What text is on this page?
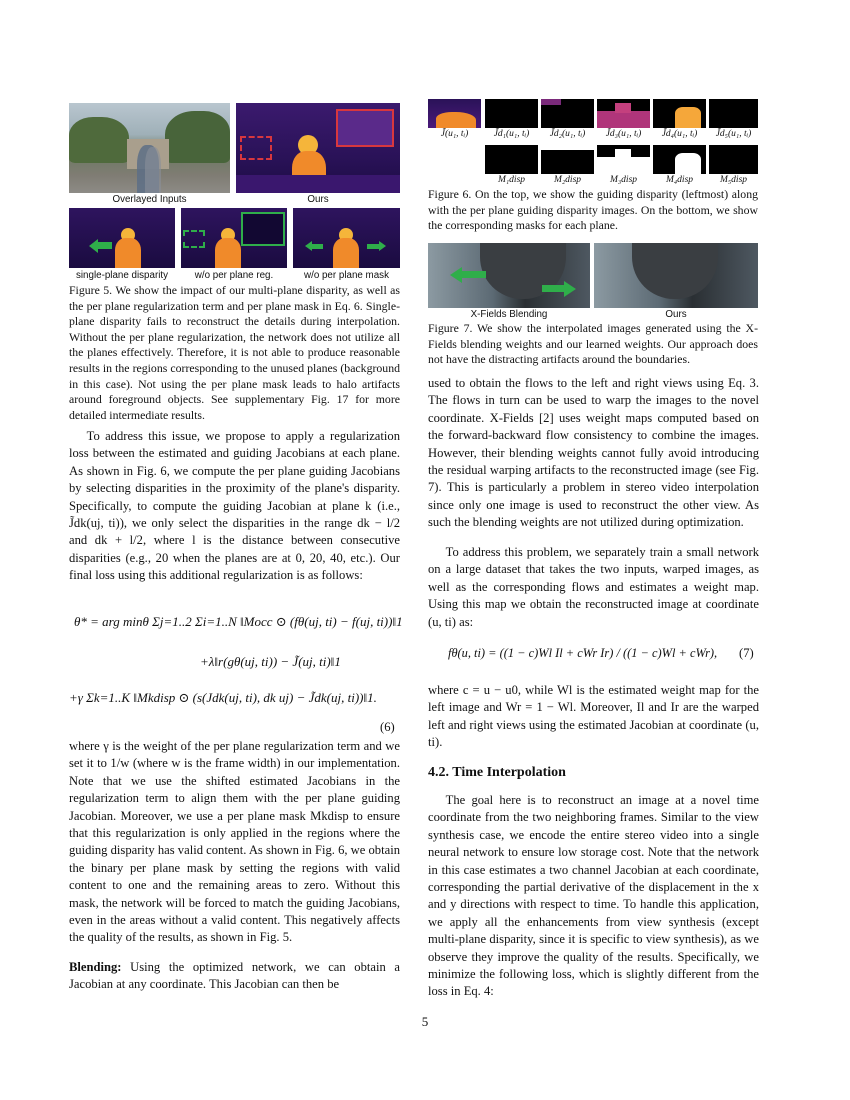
Overlayed Inputs	Ours
single-plane disparity	w/o per plane reg.	w/o per plane mask

Figure 5. We show the impact of our multi-plane disparity, as well as the per plane regularization term and per plane mask in Eq. 6. Single-plane disparity fails to reconstruct the details during interpolation. Without the per plane regularization, the network does not utilize all the planes effectively. Therefore, it is not able to produce reasonable results in the regions corresponding to the unused planes (background in this case). Not using the per plane mask leads to halo artifacts around foreground objects. See supplementary Fig. 17 for more detailed intermediate results.

To address this issue, we propose to apply a regularization loss between the estimated and guiding Jacobians at each plane. As shown in Fig. 6, we compute the per plane guiding Jacobians by selecting disparities in the proximity of the plane's disparity. Specifically, to compute the guiding Jacobian at plane k (i.e., J̃dk(uj, ti)), we only select the disparities in the range dk − l/2 and dk + l/2, where l is the distance between consecutive disparities (e.g., 20 when the planes are at 0, 20, 40, etc.). Our final loss using this additional regularization is as follows:

θ* = arg minθ Σj=1..2 Σi=1..N ‖Mocc ⊙ (fθ(uj, ti) − f(uj, ti))‖1
+λ‖r(gθ(uj, ti)) − J̃(uj, ti)‖1
+γ Σk=1..K ‖Mkdisp ⊙ (s(Jdk(uj, ti), dk uj) − J̃dk(uj, ti))‖1.
(6)

where γ is the weight of the per plane regularization term and we set it to 1/w (where w is the frame width) in our implementation. Note that we use the shifted estimated Jacobians in the regularization term to align them with the per plane guiding Jacobian. Moreover, we use a per plane mask Mkdisp to ensure that this regularization is only applied in the regions where the guiding disparity has valid content. As shown in Fig. 6, we obtain the binary per plane mask by setting the regions with valid content to one and the remaining areas to zero. Without this mask, the network will be forced to match the guiding Jacobians, even in the areas without a valid content. This negatively affects the quality of the results, as shown in Fig. 5.

Blending: Using the optimized network, we can obtain a Jacobian at any coordinate. This Jacobian can then be

J̃(u₁, tᵢ)	J̃d₁(u₁, tᵢ)	J̃d₂(u₁, tᵢ)	J̃d₃(u₁, tᵢ)	J̃d₄(u₁, tᵢ)	J̃d₅(u₁, tᵢ)
M₁disp	M₂disp	M₃disp	M₄disp	M₅disp

Figure 6. On the top, we show the guiding disparity (leftmost) along with the per plane guiding disparity images. On the bottom, we show the corresponding masks for each plane.

X-Fields Blending	Ours

Figure 7. We show the interpolated images generated using the X-Fields blending weights and our learned weights. Our approach does not have the distracting artifacts around the boundaries.

used to obtain the flows to the left and right views using Eq. 3. The flows in turn can be used to warp the images to the novel coordinate. X-Fields [2] uses weight maps computed based on the forward-backward flow consistency to combine the images. However, their blending weights cannot fully avoid introducing the residual warping artifacts to the reconstructed image (see Fig. 7). This is particularly a problem in stereo video interpolation since only one image is used to reconstruct the other view. As such the blending weights are not utilized during optimization.

To address this problem, we separately train a small network on a large dataset that takes the two inputs, warped images, as well as the corresponding flows and estimates a weight map. Using this map we obtain the reconstructed image at coordinate (u, ti) as:

fθ(u, ti) = ((1 − c)Wl Il + cWr Ir) / ((1 − c)Wl + cWr), (7)

where c = u − u0, while Wl is the estimated weight map for the left image and Wr = 1 − Wl. Moreover, Il and Ir are the warped left and right views using the estimated Jacobian at coordinate (u, ti).

4.2. Time Interpolation

The goal here is to reconstruct an image at a novel time coordinate from the two neighboring frames. Similar to the view synthesis case, we encode the entire stereo video into a single neural network to ensure low storage cost. Note that the network in this case estimates a two channel Jacobian at each coordinate, corresponding the partial derivative of the displacement in the x and y directions with respect to time. To handle this application, we apply all the enhancements from view synthesis (except multi-plane disparity, since it is specific to view synthesis), as we observe they improve the quality of the results. Specifically, we minimize the following loss, which is slightly different from the loss in Eq. 4:

5
